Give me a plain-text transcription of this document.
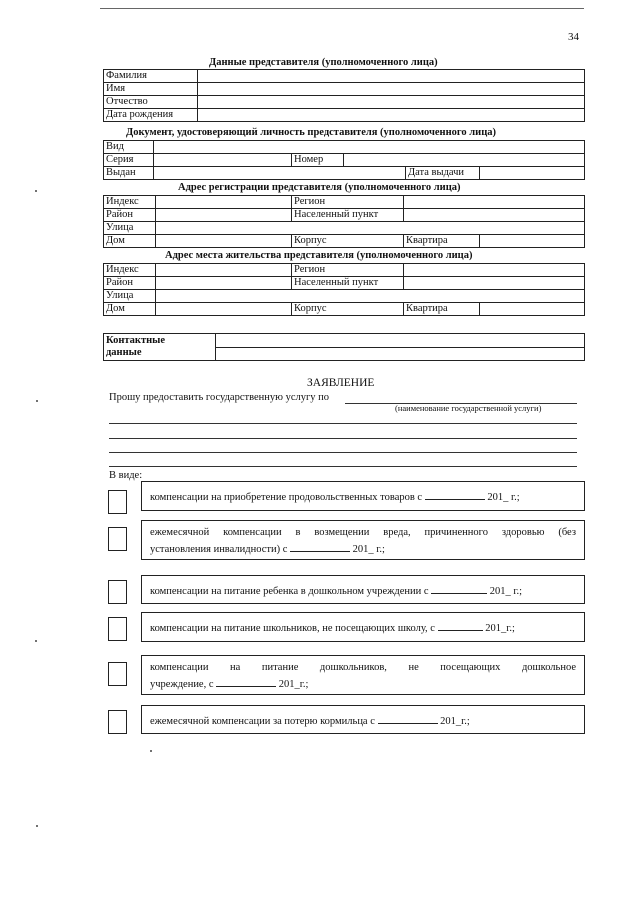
34
Данные представителя (уполномоченного лица)
Фамилия	
Имя	
Отчество	
Дата рождения	
Документ, удостоверяющий личность представителя (уполномоченного лица)
Вид					
Серия		Номер			
Выдан				Дата выдачи	
Адрес регистрации представителя (уполномоченного лица)
Индекс		Регион		
Район		Населенный пункт		
Улица				
Дом		Корпус	Квартира	
Адрес места жительства представителя (уполномоченного лица)
Индекс		Регион		
Район		Населенный пункт		
Улица				
Дом		Корпус	Квартира	
Контактные
данные	

ЗАЯВЛЕНИЕ
Прошу предоставить государственную услугу по
(наименование государственной услуги)
В виде:
компенсации на приобретение продовольственных товаров с	201_ г.;
ежемесячной компенсации в возмещении вреда, причиненного здоровью (без
установления инвалидности) с	201_ г.;
компенсации на питание ребенка в дошкольном учреждении с	201_ г.;
компенсации на питание школьников, не посещающих школу, с	201_г.;
компенсации на питание дошкольников, не посещающих дошкольное
учреждение, с	201_г.;
ежемесячной компенсации за потерю кормильца с	201_г.;
